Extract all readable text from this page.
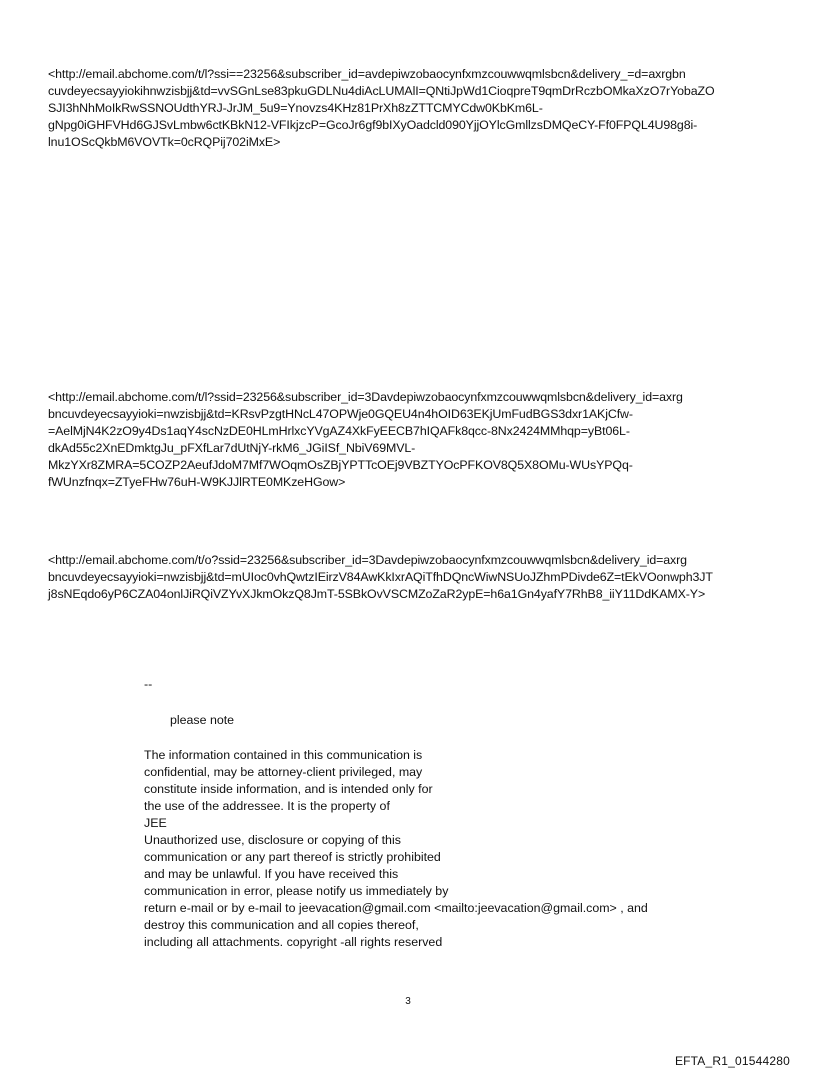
<http://email.abchome.com/t/l?ssi==23256&subscriber_id=avdepiwzobaocynfxmzcouwwqmlsbcn&delivery_=d=axrgbn
cuvdeyecsayyiokihnwzisbjj&td=vvSGnLse83pkuGDLNu4diAcLUMAlI=QNtiJpWd1CioqpreT9qmDrRczbOMkaXzO7rYobaZO
SJI3hNhMoIkRwSSNOUdthYRJ-JrJM_5u9=Ynovzs4KHz81PrXh8zZTTCMYCdw0KbKm6L-
gNpg0iGHFVHd6GJSvLmbw6ctKBkN12-VFIkjzcP=GcoJr6gf9bIXyOadcld090YjjOYlcGmllzsDMQeCY-Ff0FPQL4U98g8i-
lnu1OScQkbM6VOVTk=0cRQPij702iMxE>
<http://email.abchome.com/t/l?ssid=23256&subscriber_id=3Davdepiwzobaocynfxmzcouwwqmlsbcn&delivery_id=axrg
bncuvdeyecsayyioki=nwzisbjj&td=KRsvPzgtHNcL47OPWje0GQEU4n4hOID63EKjUmFudBGS3dxr1AKjCfw-
=AelMjN4K2zO9y4Ds1aqY4scNzDE0HLmHrlxcYVgAZ4XkFyEECB7hIQAFk8qcc-8Nx2424MMhqp=yBt06L-
dkAd55c2XnEDmktgJu_pFXfLar7dUtNjY-rkM6_JGiISf_NbiV69MVL-
MkzYXr8ZMRA=5COZP2AeufJdoM7Mf7WOqmOsZBjYPTTcOEj9VBZTYOcPFKOV8Q5X8OMu-WUsYPQq-
fWUnzfnqx=ZTyeFHw76uH-W9KJJlRTE0MKzeHGow>
<http://email.abchome.com/t/o?ssid=23256&subscriber_id=3Davdepiwzobaocynfxmzcouwwqmlsbcn&delivery_id=axrg
bncuvdeyecsayyioki=nwzisbjj&td=mUIoc0vhQwtzIEirzV84AwKkIxrAQiTfhDQncWiwNSUoJZhmPDivde6Z=tEkVOonwph3JT
j8sNEqdo6yP6CZA04onlJiRQiVZYvXJkmOkzQ8JmT-5SBkOvVSCMZoZaR2ypE=h6a1Gn4yafY7RhB8_iiY11DdKAMX-Y>
--
please note
The information contained in this communication is
confidential, may be attorney-client privileged, may
constitute inside information, and is intended only for
the use of the addressee. It is the property of
JEE
Unauthorized use, disclosure or copying of this
communication or any part thereof is strictly prohibited
and may be unlawful. If you have received this
communication in error, please notify us immediately by
return e-mail or by e-mail to jeevacation@gmail.com <mailto:jeevacation@gmail.com> , and
destroy this communication and all copies thereof,
including all attachments. copyright -all rights reserved
3
EFTA_R1_01544280
